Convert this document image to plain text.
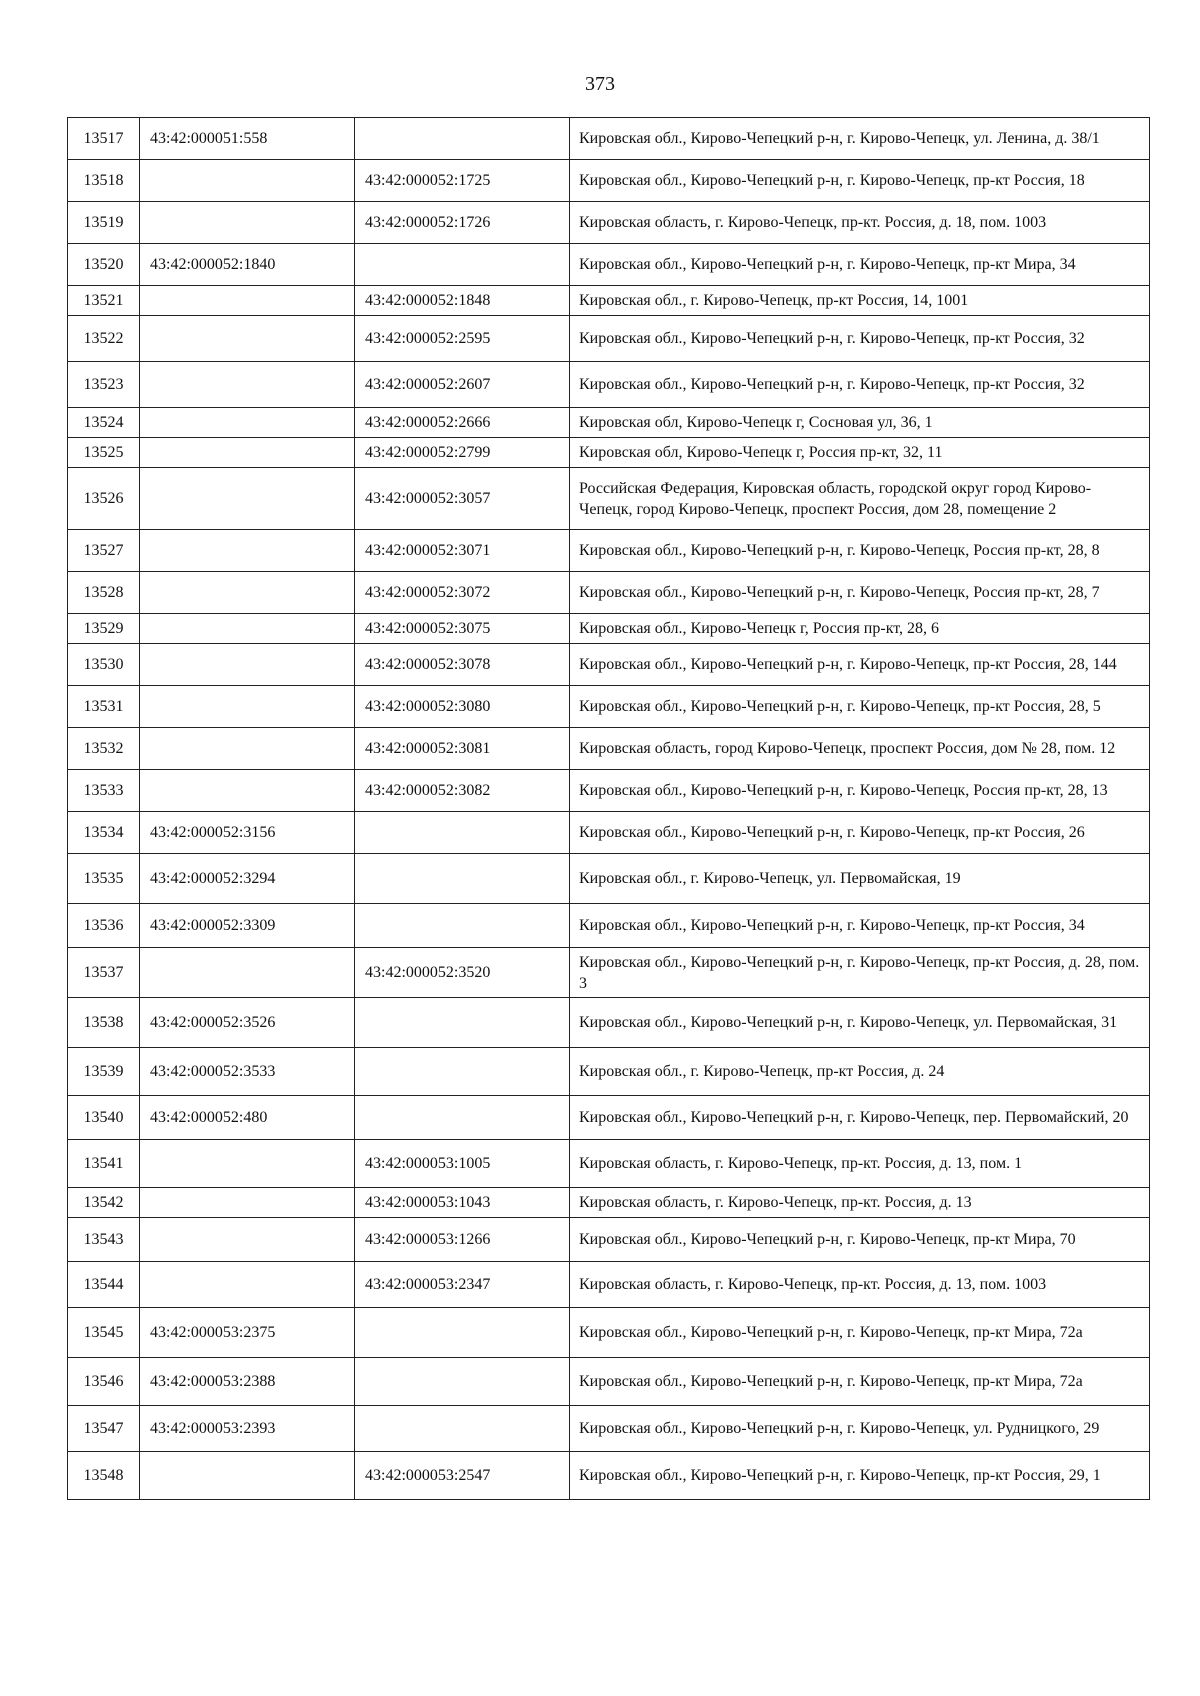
373
13517	43:42:000051:558		Кировская обл., Кирово-Чепецкий р-н, г. Кирово-Чепецк, ул. Ленина, д. 38/1
13518		43:42:000052:1725	Кировская обл., Кирово-Чепецкий р-н, г. Кирово-Чепецк, пр-кт Россия, 18
13519		43:42:000052:1726	Кировская область, г. Кирово-Чепецк, пр-кт. Россия, д. 18, пом. 1003
13520	43:42:000052:1840		Кировская обл., Кирово-Чепецкий р-н, г. Кирово-Чепецк, пр-кт Мира, 34
13521		43:42:000052:1848	Кировская обл., г. Кирово-Чепецк, пр-кт Россия, 14, 1001
13522		43:42:000052:2595	Кировская обл., Кирово-Чепецкий р-н, г. Кирово-Чепецк, пр-кт Россия, 32
13523		43:42:000052:2607	Кировская обл., Кирово-Чепецкий р-н, г. Кирово-Чепецк, пр-кт Россия, 32
13524		43:42:000052:2666	Кировская обл, Кирово-Чепецк г, Сосновая ул, 36, 1
13525		43:42:000052:2799	Кировская обл, Кирово-Чепецк г, Россия пр-кт, 32, 11
13526		43:42:000052:3057	Российская Федерация, Кировская область, городской округ город Кирово-Чепецк, город Кирово-Чепецк, проспект Россия, дом 28, помещение 2
13527		43:42:000052:3071	Кировская обл., Кирово-Чепецкий р-н, г. Кирово-Чепецк, Россия пр-кт, 28, 8
13528		43:42:000052:3072	Кировская обл., Кирово-Чепецкий р-н, г. Кирово-Чепецк, Россия пр-кт, 28, 7
13529		43:42:000052:3075	Кировская обл., Кирово-Чепецк г, Россия пр-кт, 28, 6
13530		43:42:000052:3078	Кировская обл., Кирово-Чепецкий р-н, г. Кирово-Чепецк, пр-кт Россия, 28, 144
13531		43:42:000052:3080	Кировская обл., Кирово-Чепецкий р-н, г. Кирово-Чепецк, пр-кт Россия, 28, 5
13532		43:42:000052:3081	Кировская область, город Кирово-Чепецк, проспект Россия, дом № 28, пом. 12
13533		43:42:000052:3082	Кировская обл., Кирово-Чепецкий р-н, г. Кирово-Чепецк, Россия пр-кт, 28, 13
13534	43:42:000052:3156		Кировская обл., Кирово-Чепецкий р-н, г. Кирово-Чепецк, пр-кт Россия, 26
13535	43:42:000052:3294		Кировская обл., г. Кирово-Чепецк, ул. Первомайская, 19
13536	43:42:000052:3309		Кировская обл., Кирово-Чепецкий р-н, г. Кирово-Чепецк, пр-кт Россия, 34
13537		43:42:000052:3520	Кировская обл., Кирово-Чепецкий р-н, г. Кирово-Чепецк, пр-кт Россия, д. 28, пом. 3
13538	43:42:000052:3526		Кировская обл., Кирово-Чепецкий р-н, г. Кирово-Чепецк, ул. Первомайская, 31
13539	43:42:000052:3533		Кировская обл., г. Кирово-Чепецк, пр-кт Россия, д. 24
13540	43:42:000052:480		Кировская обл., Кирово-Чепецкий р-н, г. Кирово-Чепецк, пер. Первомайский, 20
13541		43:42:000053:1005	Кировская область, г. Кирово-Чепецк, пр-кт. Россия, д. 13, пом. 1
13542		43:42:000053:1043	Кировская область, г. Кирово-Чепецк, пр-кт. Россия, д. 13
13543		43:42:000053:1266	Кировская обл., Кирово-Чепецкий р-н, г. Кирово-Чепецк, пр-кт Мира, 70
13544		43:42:000053:2347	Кировская область, г. Кирово-Чепецк, пр-кт. Россия, д. 13, пом. 1003
13545	43:42:000053:2375		Кировская обл., Кирово-Чепецкий р-н, г. Кирово-Чепецк, пр-кт Мира, 72а
13546	43:42:000053:2388		Кировская обл., Кирово-Чепецкий р-н, г. Кирово-Чепецк, пр-кт Мира, 72а
13547	43:42:000053:2393		Кировская обл., Кирово-Чепецкий р-н, г. Кирово-Чепецк, ул. Рудницкого, 29
13548		43:42:000053:2547	Кировская обл., Кирово-Чепецкий р-н, г. Кирово-Чепецк, пр-кт Россия, 29, 1
